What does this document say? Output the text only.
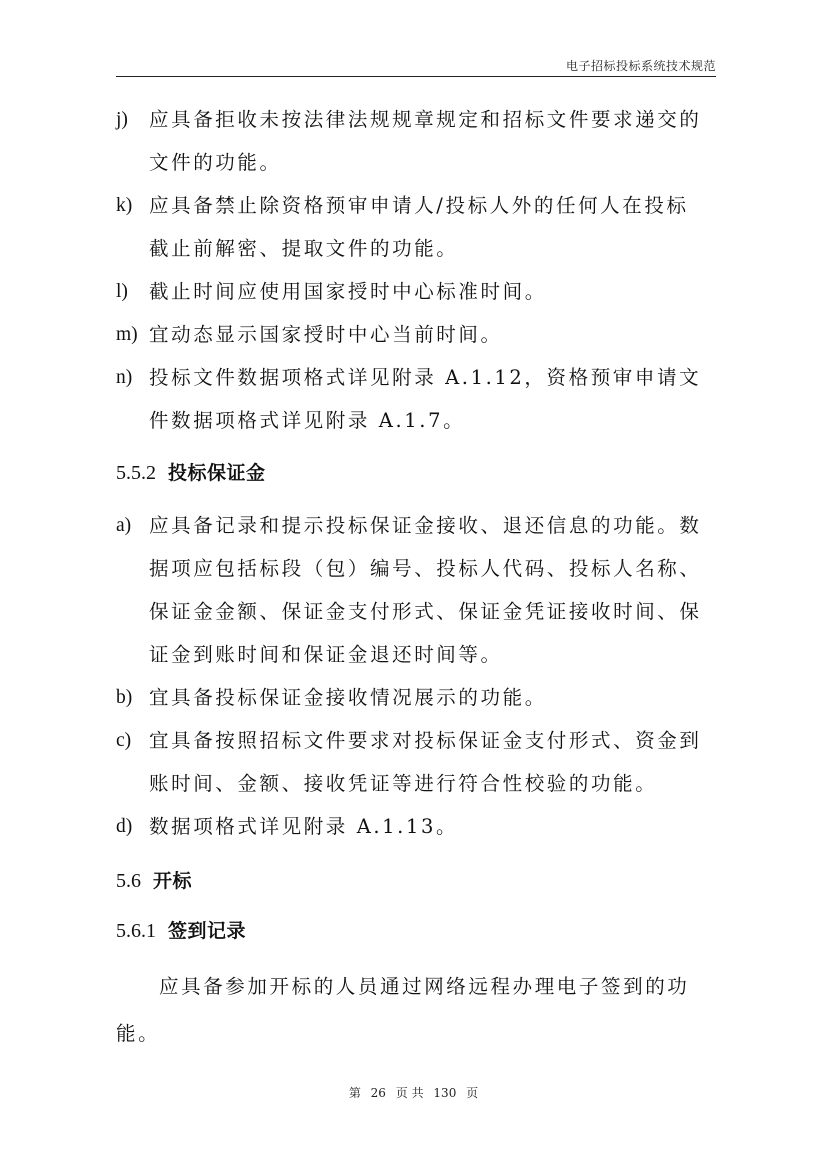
电子招标投标系统技术规范
j) 应具备拒收未按法律法规规章规定和招标文件要求递交的文件的功能。
k) 应具备禁止除资格预审申请人/投标人外的任何人在投标截止前解密、提取文件的功能。
l) 截止时间应使用国家授时中心标准时间。
m) 宜动态显示国家授时中心当前时间。
n) 投标文件数据项格式详见附录 A.1.12，资格预审申请文件数据项格式详见附录 A.1.7。
5.5.2 投标保证金
a) 应具备记录和提示投标保证金接收、退还信息的功能。数据项应包括标段（包）编号、投标人代码、投标人名称、保证金金额、保证金支付形式、保证金凭证接收时间、保证金到账时间和保证金退还时间等。
b) 宜具备投标保证金接收情况展示的功能。
c) 宜具备按照招标文件要求对投标保证金支付形式、资金到账时间、金额、接收凭证等进行符合性校验的功能。
d) 数据项格式详见附录 A.1.13。
5.6 开标
5.6.1 签到记录
应具备参加开标的人员通过网络远程办理电子签到的功能。
第 26 页 共 130 页
